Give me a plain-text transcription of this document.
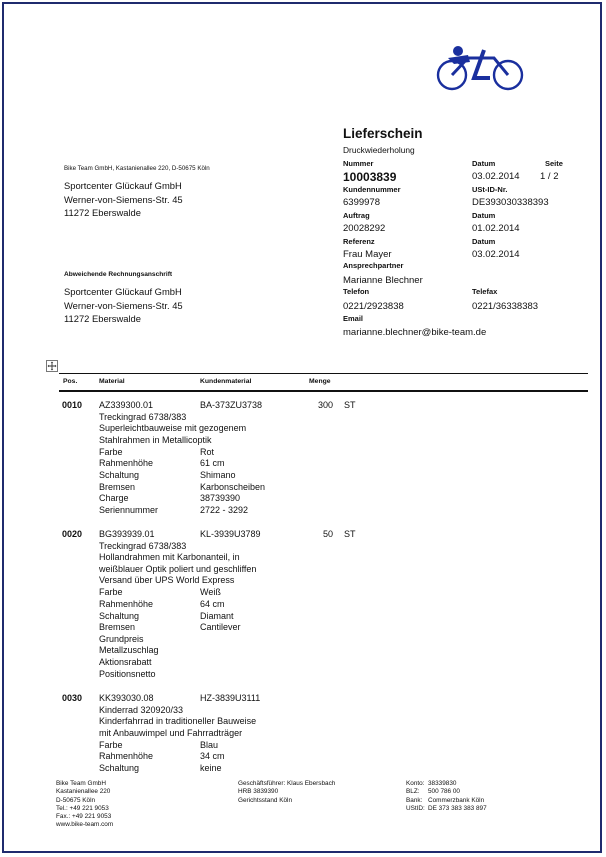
Lieferschein
Druckwiederholung
Nummer	Datum	Seite
10003839	03.02.2014 1 / 2
Kundennummer	USt-ID-Nr.
6399978	DE393030338393
Auftrag	Datum
20028292	01.02.2014
Referenz	Datum
Frau Mayer	03.02.2014
Ansprechpartner
Marianne Blechner
Telefon	Telefax
0221/2923838	0221/36338383
Email
marianne.blechner@bike-team.de
Bike Team GmbH, Kastanienallee 220, D-50675 Köln
Sportcenter Glückauf GmbH
Werner-von-Siemens-Str. 45
11272 Eberswalde
Abweichende Rechnungsanschrift
Sportcenter Glückauf GmbH
Werner-von-Siemens-Str. 45
11272 Eberswalde
Pos.	Material	Kundenmaterial	Menge
0010 AZ339300.01	BA-373ZU3738	300 ST
Treckingrad 6738/383
Superleichtbauweise mit gezogenem
Stahlrahmen in Metallicoptik
Farbe	Rot
Rahmenhöhe	61 cm
Schaltung	Shimano
Bremsen	Karbonscheiben
Charge	38739390
Seriennummer	2722 - 3292
0020 BG393939.01	KL-3939U3789	50 ST
Treckingrad 6738/383
Hollandrahmen mit Karbonanteil, in
weißblauer Optik poliert und geschliffen
Versand über UPS World Express
Farbe	Weiß
Rahmenhöhe	64 cm
Schaltung	Diamant
Bremsen	Cantilever
Grundpreis
Metallzuschlag
Aktionsrabatt
Positionsnetto
0030 KK393030.08	HZ-3839U3111
Kinderrad 320920/33
Kinderfahrrad in traditioneller Bauweise
mit Anbauwimpel und Fahrradträger
Farbe	Blau
Rahmenhöhe	34 cm
Schaltung	keine
Bike Team GmbH
Kastanienallee 220
D-50675 Köln
Tel.: +49 221 9053
Fax.: +49 221 9053
www.bike-team.com
Geschäftsführer: Klaus Ebersbach
HRB 3839390
Gerichtsstand Köln
Konto: 38339830
BLZ: 500 786 00
Bank: Commerzbank Köln
UStID: DE 373 383 383 897
